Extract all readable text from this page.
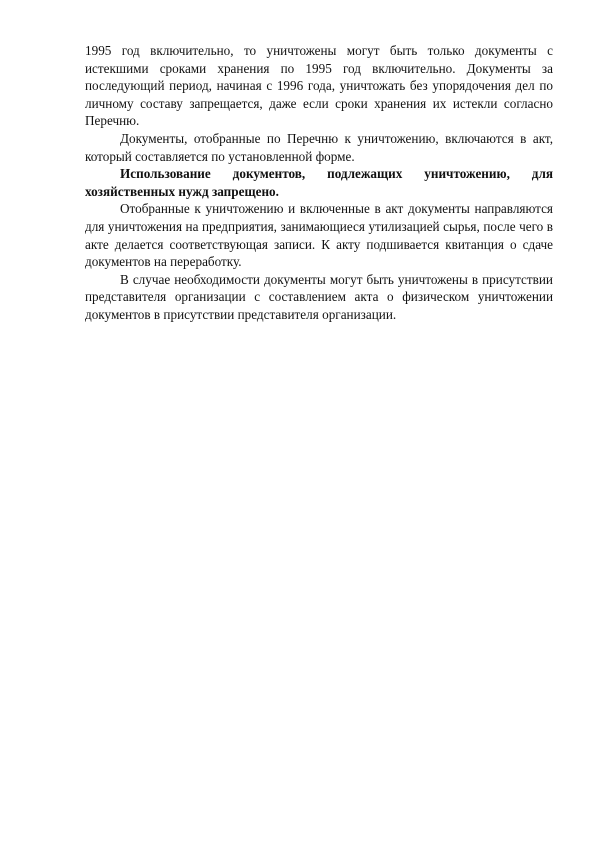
1995 год включительно, то уничтожены могут быть только документы с истекшими сроками хранения по 1995 год включительно. Документы за последующий период, начиная с 1996 года, уничтожать без упорядочения дел по личному составу запрещается, даже если сроки хранения их истекли согласно Перечню.

Документы, отобранные по Перечню к уничтожению, включаются в акт, который составляется по установленной форме.

Использование документов, подлежащих уничтожению, для хозяйственных нужд запрещено.

Отобранные к уничтожению и включенные в акт документы направляются для уничтожения на предприятия, занимающиеся утилизацией сырья, после чего в акте делается соответствующая записи. К акту подшивается квитанция о сдаче документов на переработку.

В случае необходимости документы могут быть уничтожены в присутствии представителя организации с составлением акта о физическом уничтожении документов в присутствии представителя организации.
